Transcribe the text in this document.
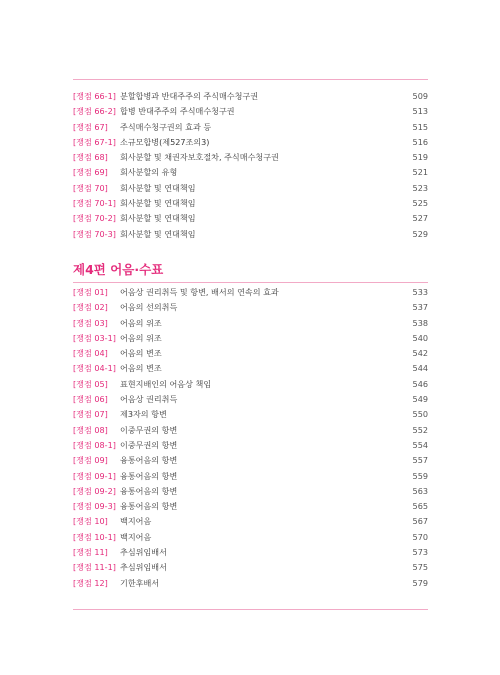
[쟁점 66-1] 분할합병과 반대주주의 주식매수청구권	509
[쟁점 66-2] 합병 반대주주의 주식매수청구권	513
[쟁점 67] 주식매수청구권의 효과 등	515
[쟁점 67-1] 소규모합병(제527조의3)	516
[쟁점 68] 회사분할 및 채권자보호절차, 주식매수청구권	519
[쟁점 69] 회사분할의 유형	521
[쟁점 70] 회사분할 및 연대책임	523
[쟁점 70-1] 회사분할 및 연대책임	525
[쟁점 70-2] 회사분할 및 연대책임	527
[쟁점 70-3] 회사분할 및 연대책임	529
제4편 어음·수표
[쟁점 01] 어음상 권리취득 및 항변, 배서의 연속의 효과	533
[쟁점 02] 어음의 선의취득	537
[쟁점 03] 어음의 위조	538
[쟁점 03-1] 어음의 위조	540
[쟁점 04] 어음의 변조	542
[쟁점 04-1] 어음의 변조	544
[쟁점 05] 표현지배인의 어음상 책임	546
[쟁점 06] 어음상 권리취득	549
[쟁점 07] 제3자의 항변	550
[쟁점 08] 이중무권의 항변	552
[쟁점 08-1] 이중무권의 항변	554
[쟁점 09] 융통어음의 항변	557
[쟁점 09-1] 융통어음의 항변	559
[쟁점 09-2] 융통어음의 항변	563
[쟁점 09-3] 융통어음의 항변	565
[쟁점 10] 백지어음	567
[쟁점 10-1] 백지어음	570
[쟁점 11] 추심위임배서	573
[쟁점 11-1] 추심위임배서	575
[쟁점 12] 기한후배서	579
